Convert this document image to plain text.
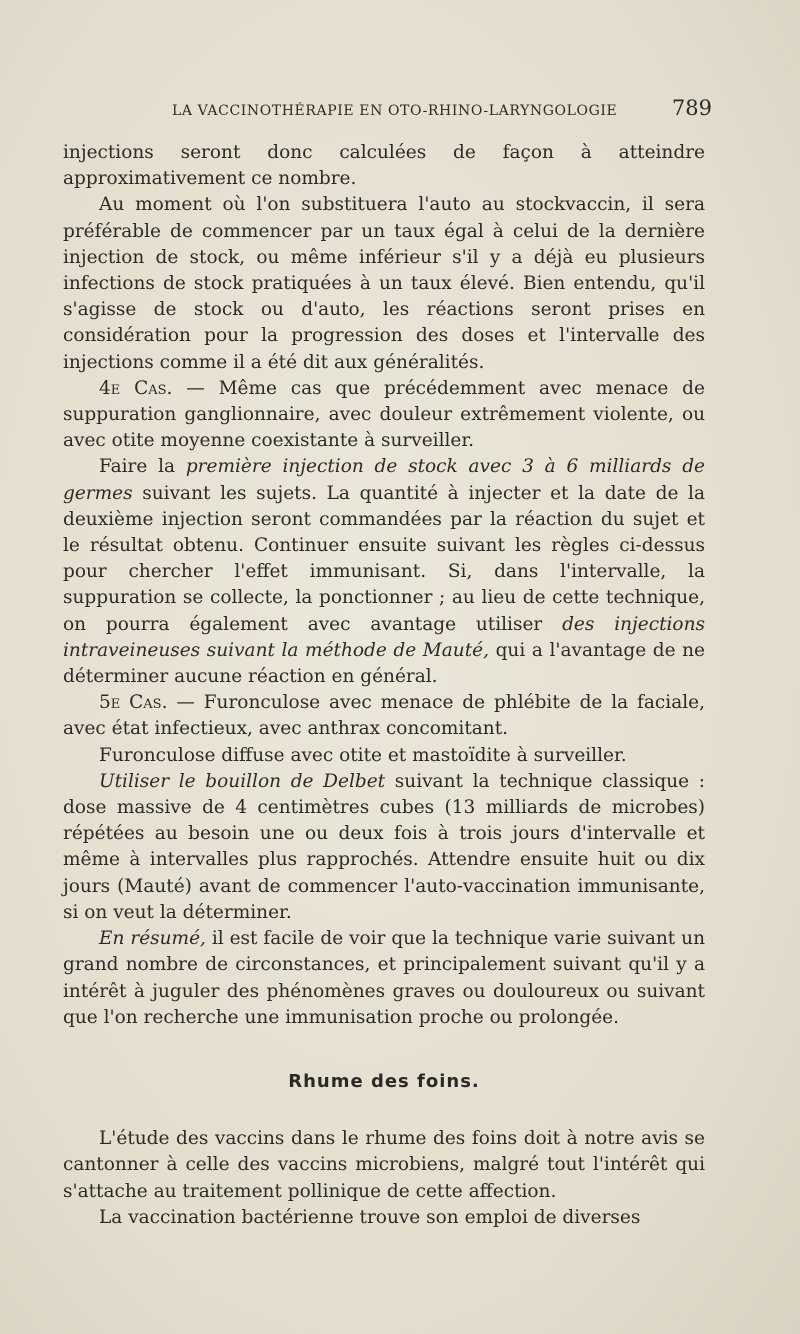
LA VACCINOTHÉRAPIE EN OTO-RHINO-LARYNGOLOGIE	789

injections seront donc calculées de façon à atteindre approximativement ce nombre.

Au moment où l'on substituera l'auto au stockvaccin, il sera préférable de commencer par un taux égal à celui de la dernière injection de stock, ou même inférieur s'il y a déjà eu plusieurs infections de stock pratiquées à un taux élevé. Bien entendu, qu'il s'agisse de stock ou d'auto, les réactions seront prises en considération pour la progression des doses et l'intervalle des injections comme il a été dit aux généralités.

4e Cas. — Même cas que précédemment avec menace de suppuration ganglionnaire, avec douleur extrêmement violente, ou avec otite moyenne coexistante à surveiller.

Faire la première injection de stock avec 3 à 6 milliards de germes suivant les sujets. La quantité à injecter et la date de la deuxième injection seront commandées par la réaction du sujet et le résultat obtenu. Continuer ensuite suivant les règles ci-dessus pour chercher l'effet immunisant. Si, dans l'intervalle, la suppuration se collecte, la ponctionner ; au lieu de cette technique, on pourra également avec avantage utiliser des injections intraveineuses suivant la méthode de Mauté, qui a l'avantage de ne déterminer aucune réaction en général.

5e Cas. — Furonculose avec menace de phlébite de la faciale, avec état infectieux, avec anthrax concomitant.

Furonculose diffuse avec otite et mastoïdite à surveiller.

Utiliser le bouillon de Delbet suivant la technique classique : dose massive de 4 centimètres cubes (13 milliards de microbes) répétées au besoin une ou deux fois à trois jours d'intervalle et même à intervalles plus rapprochés. Attendre ensuite huit ou dix jours (Mauté) avant de commencer l'auto-vaccination immunisante, si on veut la déterminer.

En résumé, il est facile de voir que la technique varie suivant un grand nombre de circonstances, et principalement suivant qu'il y a intérêt à juguler des phénomènes graves ou douloureux ou suivant que l'on recherche une immunisation proche ou prolongée.

Rhume des foins.

L'étude des vaccins dans le rhume des foins doit à notre avis se cantonner à celle des vaccins microbiens, malgré tout l'intérêt qui s'attache au traitement pollinique de cette affection.

La vaccination bactérienne trouve son emploi de diverses
